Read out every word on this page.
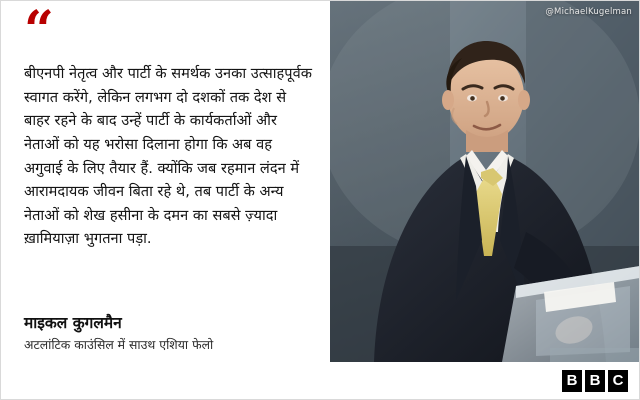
@MichaelKugelman
“
बीएनपी नेतृत्व और पार्टी के समर्थक उनका उत्साहपूर्वक स्वागत करेंगे, लेकिन लगभग दो दशकों तक देश से बाहर रहने के बाद उन्हें पार्टी के कार्यकर्ताओं और नेताओं को यह भरोसा दिलाना होगा कि अब वह अगुवाई के लिए तैयार हैं. क्योंकि जब रहमान लंदन में आरामदायक जीवन बिता रहे थे, तब पार्टी के अन्य नेताओं को शेख हसीना के दमन का सबसे ज़्यादा ख़ामियाज़ा भुगतना पड़ा.
माइकल कुगलमैन
अटलांटिक काउंसिल में साउथ एशिया फेलो
B B C
